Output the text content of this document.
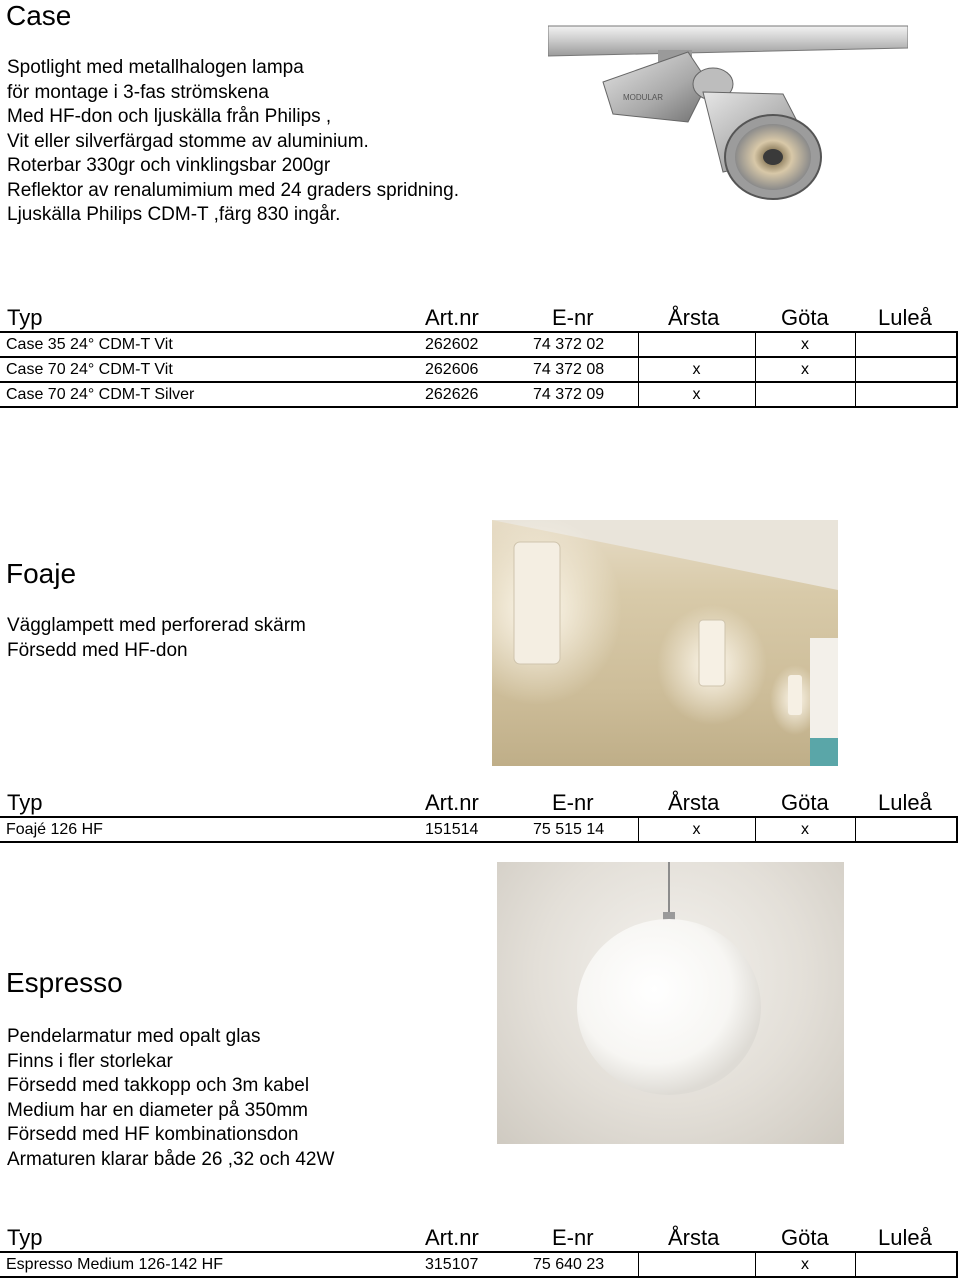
Case
Spotlight med metallhalogen lampa
för montage i 3-fas strömskena
Med HF-don och ljuskälla från Philips ,
Vit eller silverfärgad stomme av aluminium.
Roterbar 330gr och vinklingsbar 200gr
Reflektor av renalumimium med 24 graders spridning.
Ljuskälla Philips CDM-T ,färg 830 ingår.
MODULAR
Typ	Art.nr	E-nr	Årsta	Göta Luleå
Case 35 24° CDM-T Vit	262602	74 372 02		x	
Case 70 24° CDM-T Vit	262606	74 372 08	x	x	
Case 70 24° CDM-T Silver	262626	74 372 09	x		
Foaje
Vägglampett med perforerad skärm
Försedd med HF-don
Typ	Art.nr	E-nr	Årsta	Göta Luleå
Foajé 126 HF	151514	75 515 14	x	x	
Espresso
Pendelarmatur med opalt glas
Finns i fler storlekar
Försedd med takkopp och 3m kabel
Medium har en diameter på 350mm
Försedd med HF kombinationsdon
Armaturen klarar både 26 ,32 och 42W
Typ	Art.nr	E-nr	Årsta	Göta Luleå
Espresso Medium 126-142 HF	315107	75 640 23		x	
